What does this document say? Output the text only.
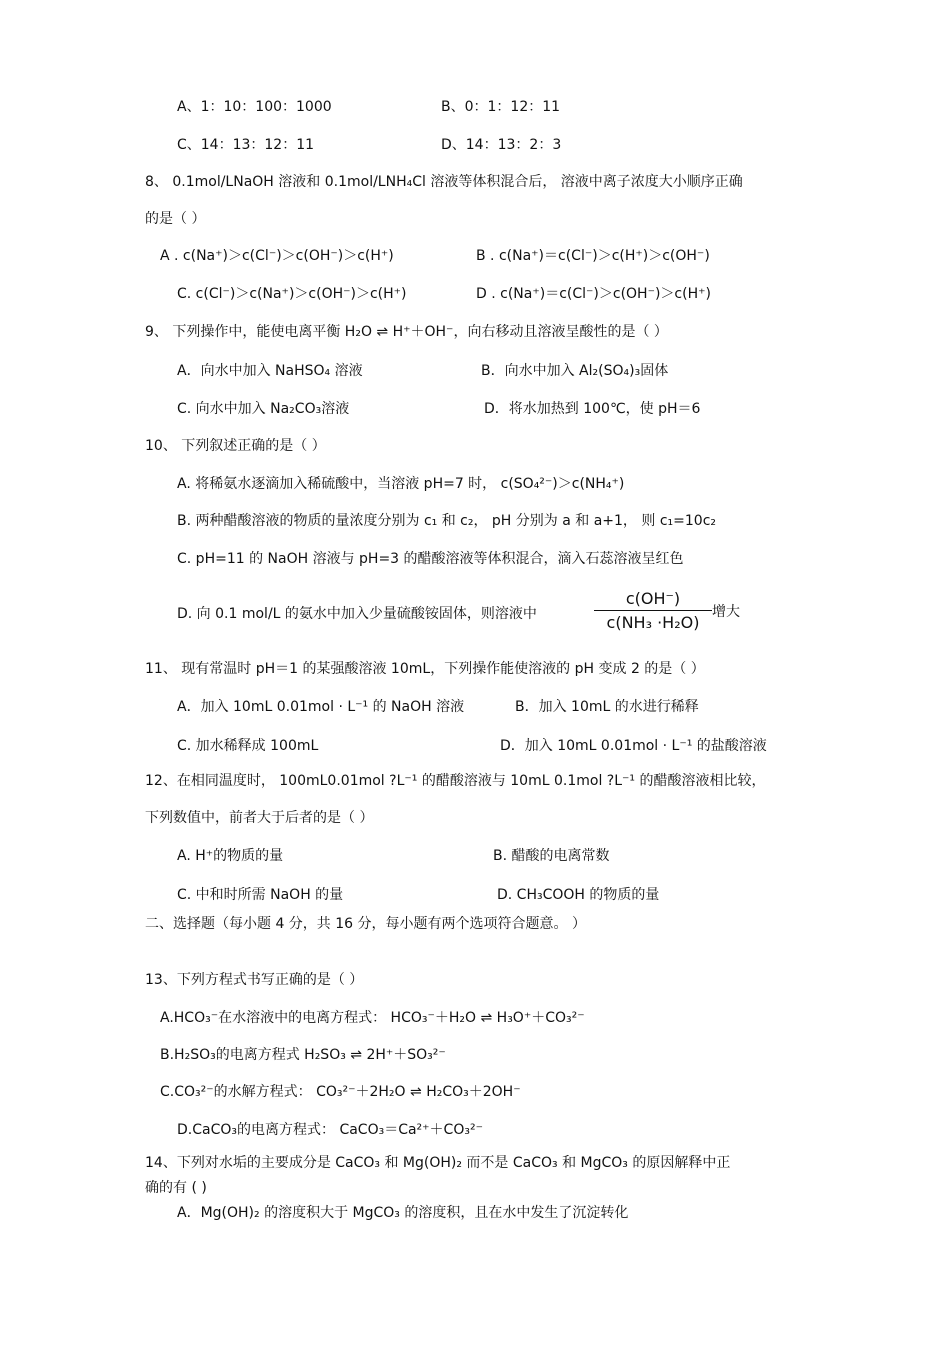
A、1：10：100：1000	B、0：1：12：11
C、14：13：12：11	D、14：13：2：3
8、 0.1mol/LNaOH 溶液和 0.1mol/LNH₄Cl 溶液等体积混合后， 溶液中离子浓度大小顺序正确
的是（ ）
A . c(Na⁺)＞c(Cl⁻)＞c(OH⁻)＞c(H⁺)	B . c(Na⁺)＝c(Cl⁻)＞c(H⁺)＞c(OH⁻)
C. c(Cl⁻)＞c(Na⁺)＞c(OH⁻)＞c(H⁺)	D . c(Na⁺)＝c(Cl⁻)＞c(OH⁻)＞c(H⁺)
9、 下列操作中，能使电离平衡 H₂O ⇌ H⁺＋OH⁻，向右移动且溶液呈酸性的是（ ）
A．向水中加入 NaHSO₄ 溶液	B．向水中加入 Al₂(SO₄)₃固体
C. 向水中加入 Na₂CO₃溶液	D．将水加热到 100℃，使 pH＝6
10、 下列叙述正确的是（ ）
A. 将稀氨水逐滴加入稀硫酸中，当溶液 pH=7 时， c(SO₄²⁻)＞c(NH₄⁺)
B. 两种醋酸溶液的物质的量浓度分别为 c₁ 和 c₂， pH 分别为 a 和 a+1， 则 c₁=10c₂
C. pH=11 的 NaOH 溶液与 pH=3 的醋酸溶液等体积混合，滴入石蕊溶液呈红色
D. 向 0.1 mol/L 的氨水中加入少量硫酸铵固体，则溶液中
c(OH⁻)
c(NH₃ ·H₂O)
增大
11、 现有常温时 pH＝1 的某强酸溶液 10mL，下列操作能使溶液的 pH 变成 2 的是（ ）
A．加入 10mL 0.01mol · L⁻¹ 的 NaOH 溶液	B．加入 10mL 的水进行稀释
C. 加水稀释成 100mL	D．加入 10mL 0.01mol · L⁻¹ 的盐酸溶液
12、在相同温度时， 100mL0.01mol ?L⁻¹ 的醋酸溶液与 10mL 0.1mol ?L⁻¹ 的醋酸溶液相比较，
下列数值中，前者大于后者的是（ ）
A. H⁺的物质的量	B. 醋酸的电离常数
C. 中和时所需 NaOH 的量	D. CH₃COOH 的物质的量
二、选择题（每小题 4 分，共 16 分，每小题有两个选项符合题意。 ）
13、下列方程式书写正确的是（ ）
A.HCO₃⁻在水溶液中的电离方程式： HCO₃⁻＋H₂O ⇌ H₃O⁺＋CO₃²⁻
B.H₂SO₃的电离方程式 H₂SO₃ ⇌ 2H⁺＋SO₃²⁻
C.CO₃²⁻的水解方程式： CO₃²⁻＋2H₂O ⇌ H₂CO₃＋2OH⁻
D.CaCO₃的电离方程式： CaCO₃＝Ca²⁺＋CO₃²⁻
14、下列对水垢的主要成分是 CaCO₃ 和 Mg(OH)₂ 而不是 CaCO₃ 和 MgCO₃ 的原因解释中正
确的有 ( )
A．Mg(OH)₂ 的溶度积大于 MgCO₃ 的溶度积，且在水中发生了沉淀转化
